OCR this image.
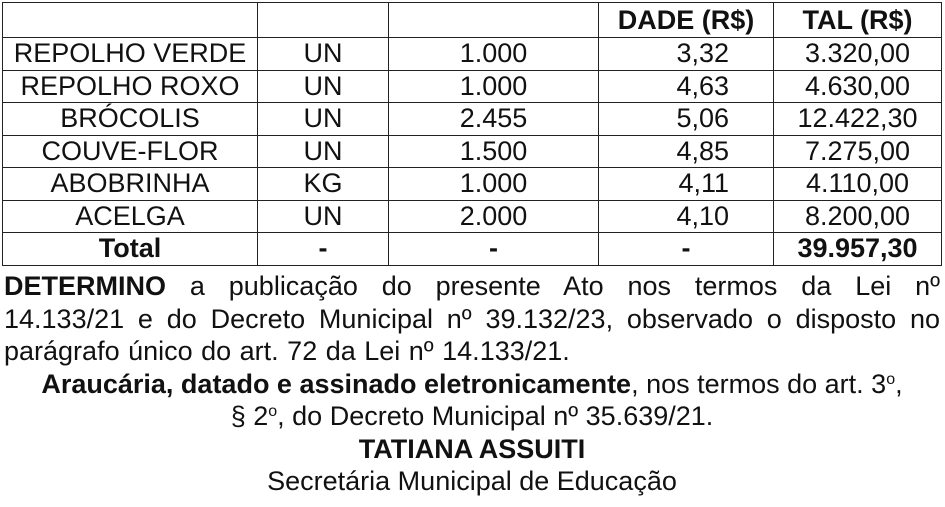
			DADE (R$)	TAL (R$)
REPOLHO VERDE	UN	1.000	3,32	3.320,00
REPOLHO ROXO	UN	1.000	4,63	4.630,00
BRÓCOLIS	UN	2.455	5,06	12.422,30
COUVE-FLOR	UN	1.500	4,85	7.275,00
ABOBRINHA	KG	1.000	4,11	4.110,00
ACELGA	UN	2.000	4,10	8.200,00
Total	-	-	-	39.957,30

DETERMINO a publicação do presente Ato nos termos da Lei nº
14.133/21 e do Decreto Municipal nº 39.132/23, observado o disposto no
parágrafo único do art. 72 da Lei nº 14.133/21.

Araucária, datado e assinado eletronicamente, nos termos do art. 3$^o$,
§ 2$^o$, do Decreto Municipal nº 35.639/21.

TATIANA ASSUITI

Secretária Municipal de Educação
